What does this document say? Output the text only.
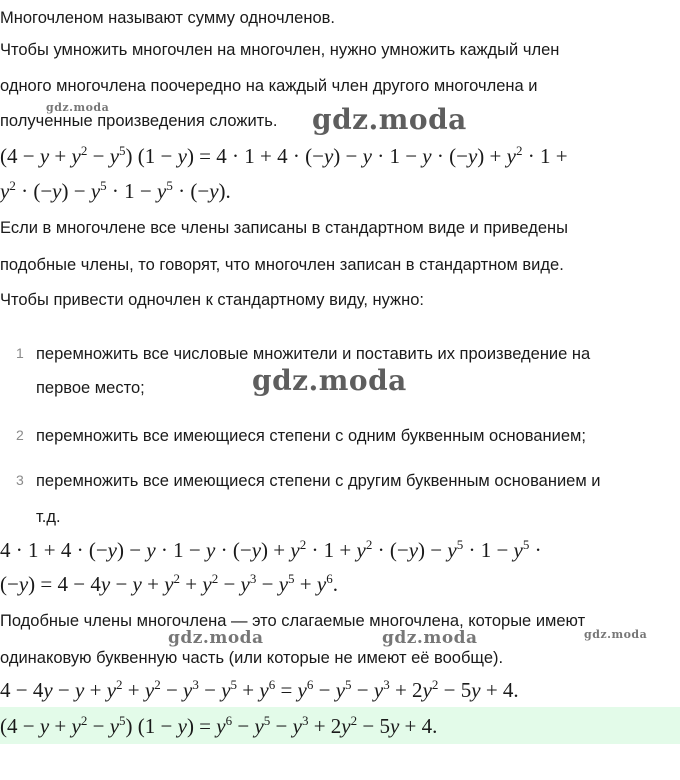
Многочленом называют сумму одночленов.

Чтобы умножить многочлен на многочлен, нужно умножить каждый член

одного многочлена поочередно на каждый член другого многочлена и

полученные произведения сложить.

gdz.moda	gdz.moda
$(4 - y + y^2 - y^5)$ $(1 - y) = 4 \cdot 1 + 4 \cdot (-y) - y \cdot 1 - y \cdot (-y) + y^2 \cdot 1$ +
$y^2 \cdot (-y) - y^5 \cdot 1 - y^5 \cdot (-y)$.

Если в многочлене все члены записаны в стандартном виде и приведены

подобные члены, то говорят, что многочлен записан в стандартном виде.

Чтобы привести одночлен к стандартному виду, нужно:

1 перемножить все числовые множители и поставить их произведение на
первое место;	gdz.moda
2 перемножить все имеющиеся степени с одним буквенным основанием;
3 перемножить все имеющиеся степени с другим буквенным основанием и
т.д.
$4 \cdot 1 + 4 \cdot (-y) - y \cdot 1 - y \cdot (-y) + y^2 \cdot 1 + y^2 \cdot (-y) - y^5 \cdot 1 - y^5$ ·
$(-y) = 4 - 4y - y + y^2 + y^2 - y^3 - y^5 + y^6$.

Подобные члены многочлена — это слагаемые многочлена, которые имеют

gdz.moda	gdz.moda	gdz.moda

одинаковую буквенную часть (или которые не имеют её вообще).

$4 - 4y - y + y^2 + y^2 - y^3 - y^5 + y^6 = y^6 - y^5 - y^3 + 2y^2 - 5y + 4$.
$(4 - y + y^2 - y^5)$ $(1 - y) = y^6 - y^5 - y^3 + 2y^2 - 5y + 4$.
